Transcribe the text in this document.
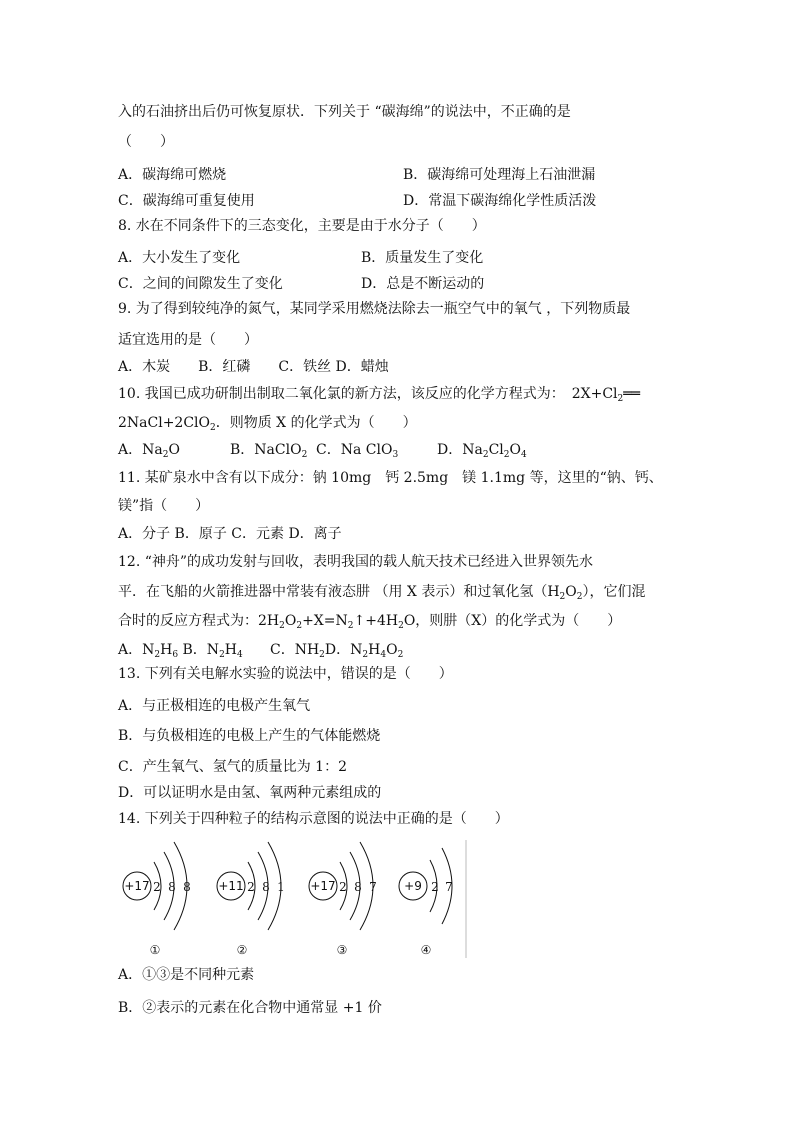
入的石油挤出后仍可恢复原状．下列关于 “碳海绵”的说法中，不正确的是
（　　）
A．碳海绵可燃烧	B．碳海绵可处理海上石油泄漏
C．碳海绵可重复使用	D．常温下碳海绵化学性质活泼
8. 水在不同条件下的三态变化，主要是由于水分子（　　）
A．大小发生了变化	B．质量发生了变化
C．之间的间隙发生了变化	D．总是不断运动的
9. 为了得到较纯净的氮气，某同学采用燃烧法除去一瓶空气中的氧气 ，下列物质最
适宜选用的是（　　）
A．木炭　　B．红磷　　C．铁丝 D．蜡烛
10. 我国已成功研制出制取二氧化氯的新方法，该反应的化学方程式为：　$2X+Cl_2══$
2NaCl+2ClO$_2$．则物质 X 的化学式为（　　）
A．$Na_2O$	B．NaClO$_2$ C．Na ClO$_3$	D．$Na_2Cl_2O_4$
11. 某矿泉水中含有以下成分：钠 10mg　钙 2.5mg　镁 1.1mg 等，这里的“钠、钙、
镁”指（　　）
A．分子 B．原子 C．元素 D．离子
12. “神舟”的成功发射与回收，表明我国的载人航天技术已经进入世界领先水
平．在飞船的火箭推进器中常装有液态肼 （用 X 表示）和过氧化氢$(H_2O_2)$，它们混
合时的反应方程式为：$2H_2O_2+X=N_2↑+4H_2O$，则肼（X）的化学式为（　　）
A．$N_2H_6$ B．$N_2H_4$ C．$NH_2D$．$N_2H_4O_2$
13. 下列有关电解水实验的说法中，错误的是（　　）
A．与正极相连的电极产生氧气
B．与负极相连的电极上产生的气体能燃烧
C．产生氧气、氢气的质量比为 1：2
D．可以证明水是由氢、氧两种元素组成的
14. 下列关于四种粒子的结构示意图的说法中正确的是（　　）
+17 2 8 8
①
+11 2 8 1
②
+17 2 8 7
③
+9 2 7
④
A．①③是不同种元素
B．②表示的元素在化合物中通常显 +1 价
